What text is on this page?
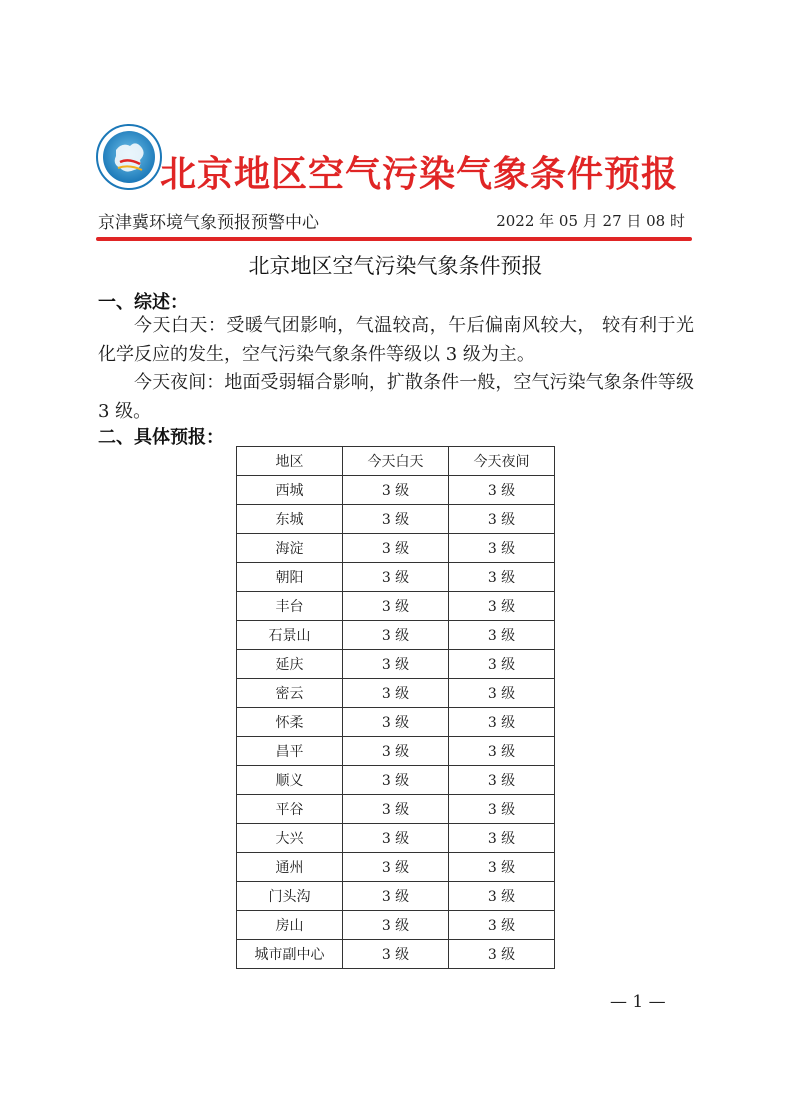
北京地区空气污染气象条件预报
京津冀环境气象预报预警中心	2022 年 05 月 27 日 08 时
北京地区空气污染气象条件预报
一、综述：
今天白天：受暖气团影响，气温较高，午后偏南风较大， 较有利于光化学反应的发生，空气污染气象条件等级以 3 级为主。
今天夜间：地面受弱辐合影响，扩散条件一般，空气污染气象条件等级 3 级。
二、具体预报：
地区	今天白天	今天夜间
西城	3 级	3 级
东城	3 级	3 级
海淀	3 级	3 级
朝阳	3 级	3 级
丰台	3 级	3 级
石景山	3 级	3 级
延庆	3 级	3 级
密云	3 级	3 级
怀柔	3 级	3 级
昌平	3 级	3 级
顺义	3 级	3 级
平谷	3 级	3 级
大兴	3 级	3 级
通州	3 级	3 级
门头沟	3 级	3 级
房山	3 级	3 级
城市副中心	3 级	3 级
— 1 —
